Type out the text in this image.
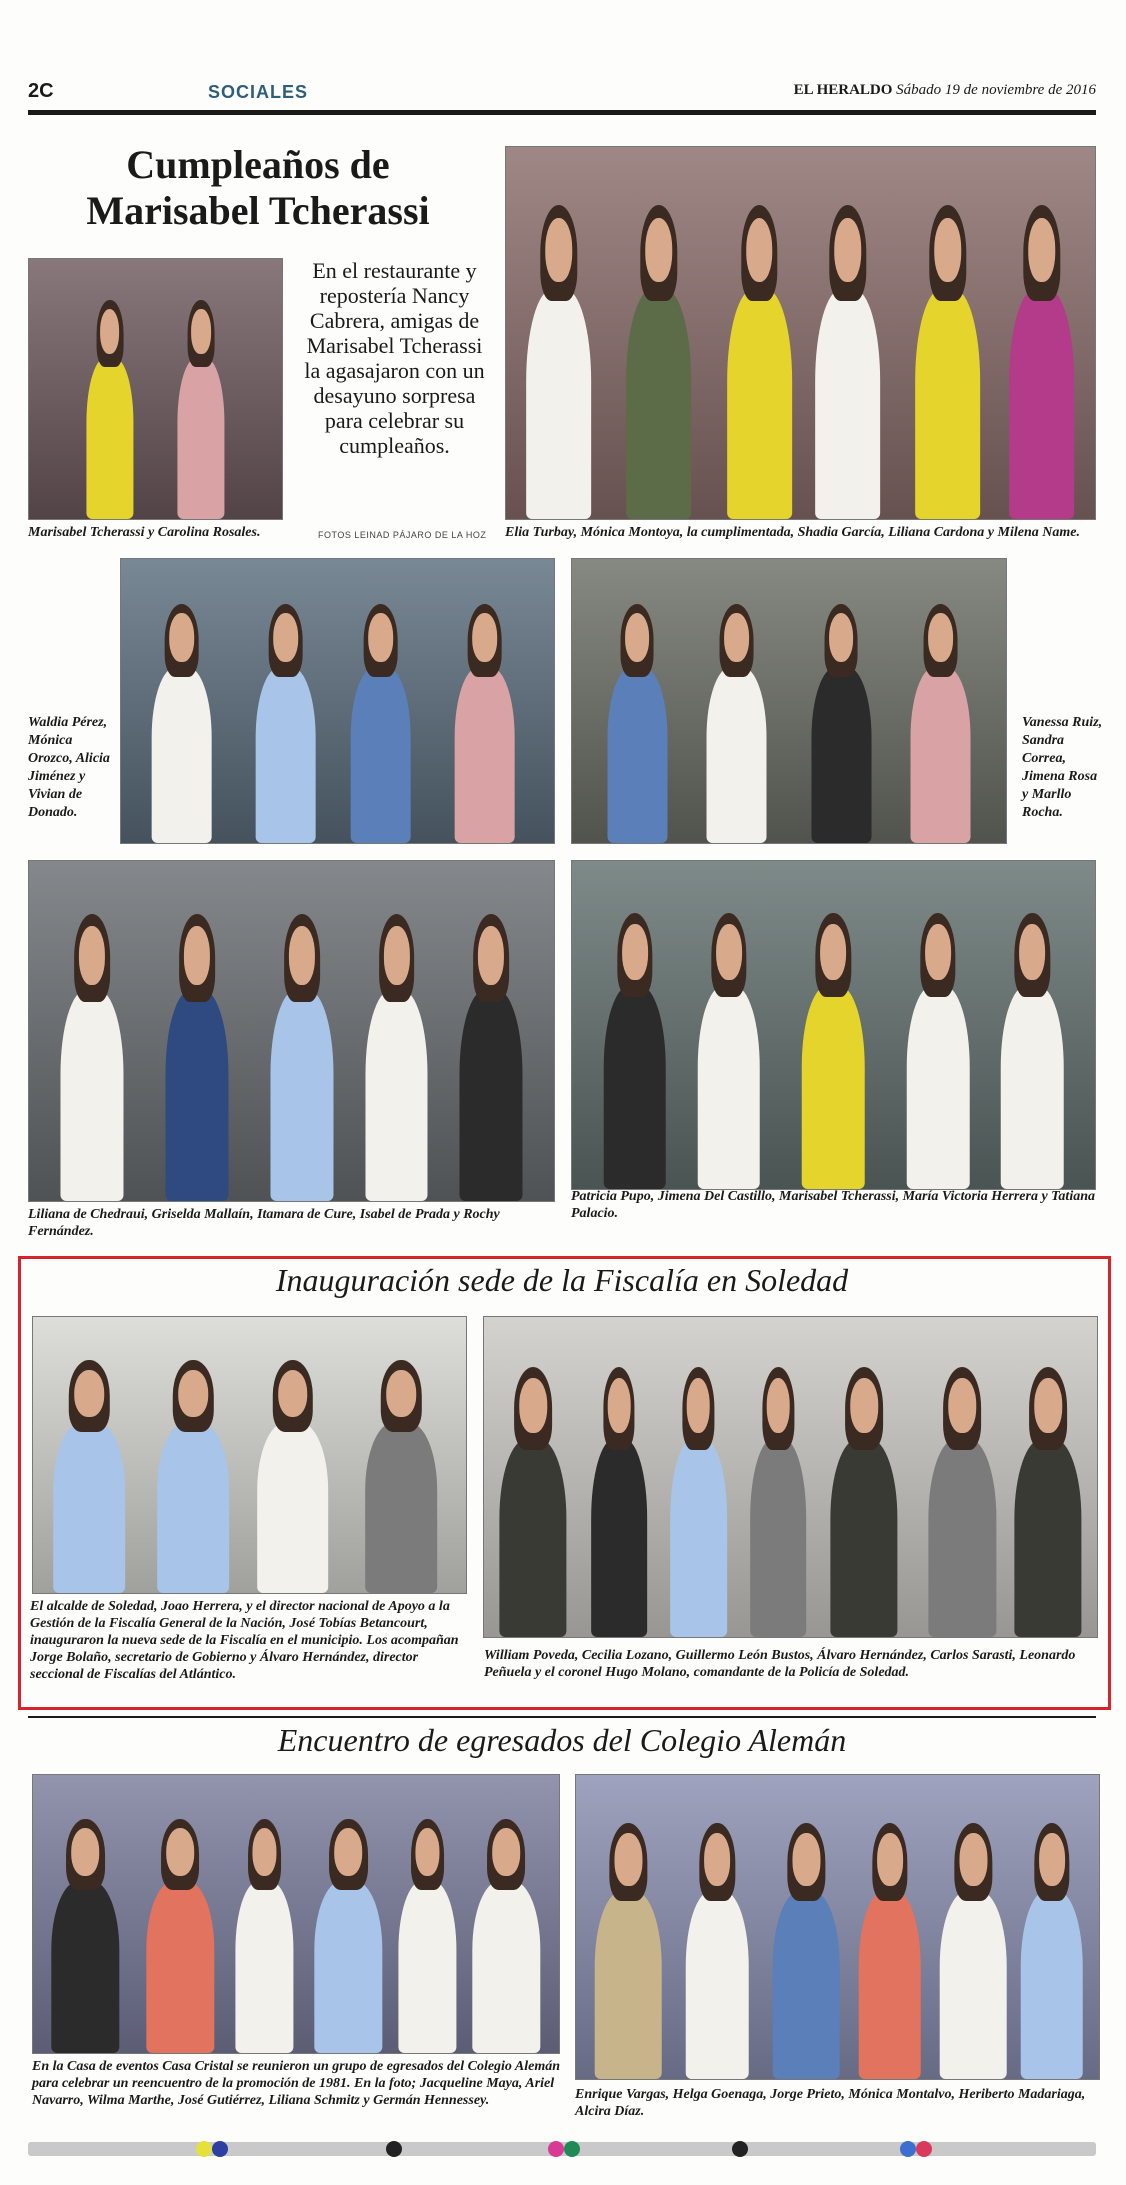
2C	SOCIALES	EL HERALDO Sábado 19 de noviembre de 2016
Cumpleaños de
Marisabel Tcherassi
En el restaurante y repostería Nancy Cabrera, amigas de Marisabel Tcherassi la agasajaron con un desayuno sorpresa para celebrar su cumpleaños.
Marisabel Tcherassi y Carolina Rosales.	FOTOS LEINAD PÁJARO DE LA HOZ	Elia Turbay, Mónica Montoya, la cumplimentada, Shadia García, Liliana Cardona y Milena Name.
Waldia Pérez, Mónica Orozco, Alicia Jiménez y Vivian de Donado.
Vanessa Ruiz, Sandra Correa, Jimena Rosa y Marllo Rocha.
Liliana de Chedraui, Griselda Mallaín, Itamara de Cure, Isabel de Prada y Rochy Fernández.
Patricia Pupo, Jimena Del Castillo, Marisabel Tcherassi, María Victoria Herrera y Tatiana Palacio.
Inauguración sede de la Fiscalía en Soledad
El alcalde de Soledad, Joao Herrera, y el director nacional de Apoyo a la Gestión de la Fiscalía General de la Nación, José Tobías Betancourt, inauguraron la nueva sede de la Fiscalía en el municipio. Los acompañan Jorge Bolaño, secretario de Gobierno y Álvaro Hernández, director seccional de Fiscalías del Atlántico.
William Poveda, Cecilia Lozano, Guillermo León Bustos, Álvaro Hernández, Carlos Sarasti, Leonardo Peñuela y el coronel Hugo Molano, comandante de la Policía de Soledad.
Encuentro de egresados del Colegio Alemán
En la Casa de eventos Casa Cristal se reunieron un grupo de egresados del Colegio Alemán para celebrar un reencuentro de la promoción de 1981. En la foto; Jacqueline Maya, Ariel Navarro, Wilma Marthe, José Gutiérrez, Liliana Schmitz y Germán Hennessey.	Enrique Vargas, Helga Goenaga, Jorge Prieto, Mónica Montalvo, Heriberto Madariaga, Alcira Díaz.
